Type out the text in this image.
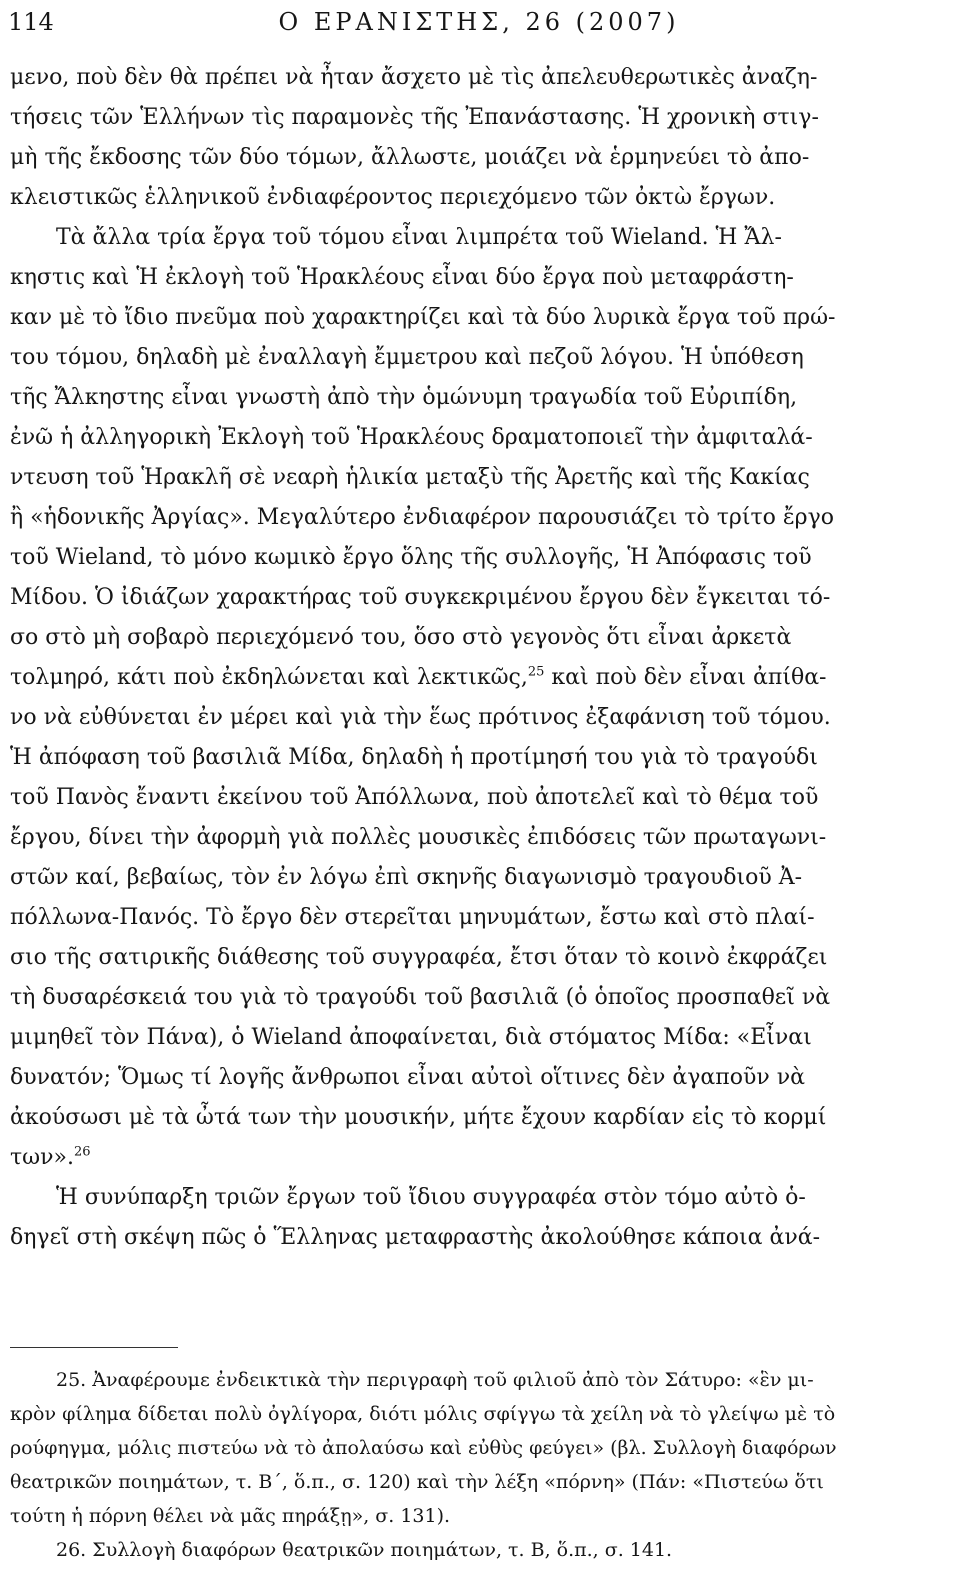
114	Ο ΕΡΑΝΙΣΤΗΣ, 26 (2007)

μενο, ποὺ δὲν θὰ πρέπει νὰ ἦταν ἄσχετο μὲ τὶς ἀπελευθερωτικὲς ἀναζη-
τήσεις τῶν Ἑλλήνων τὶς παραμονὲς τῆς Ἐπανάστασης. Ἡ χρονικὴ στιγ-
μὴ τῆς ἔκδοσης τῶν δύο τόμων, ἄλλωστε, μοιάζει νὰ ἑρμηνεύει τὸ ἀπο-
κλειστικῶς ἑλληνικοῦ ἐνδιαφέροντος περιεχόμενο τῶν ὀκτὼ ἔργων.

Τὰ ἄλλα τρία ἔργα τοῦ τόμου εἶναι λιμπρέτα τοῦ Wieland. Ἡ Ἄλ-
κηστις καὶ Ἡ ἐκλογὴ τοῦ Ἡρακλέους εἶναι δύο ἔργα ποὺ μεταφράστη-
καν μὲ τὸ ἴδιο πνεῦμα ποὺ χαρακτηρίζει καὶ τὰ δύο λυρικὰ ἔργα τοῦ πρώ-
του τόμου, δηλαδὴ μὲ ἐναλλαγὴ ἔμμετρου καὶ πεζοῦ λόγου. Ἡ ὑπόθεση
τῆς Ἄλκηστης εἶναι γνωστὴ ἀπὸ τὴν ὁμώνυμη τραγωδία τοῦ Εὐριπίδη,
ἐνῶ ἡ ἀλληγορικὴ Ἐκλογὴ τοῦ Ἡρακλέους δραματοποιεῖ τὴν ἀμφιταλά-
ντευση τοῦ Ἡρακλῆ σὲ νεαρὴ ἡλικία μεταξὺ τῆς Ἀρετῆς καὶ τῆς Κακίας
ἢ «ἡδονικῆς Ἀργίας». Μεγαλύτερο ἐνδιαφέρον παρουσιάζει τὸ τρίτο ἔργο
τοῦ Wieland, τὸ μόνο κωμικὸ ἔργο ὅλης τῆς συλλογῆς, Ἡ Ἀπόφασις τοῦ
Μίδου. Ὁ ἰδιάζων χαρακτήρας τοῦ συγκεκριμένου ἔργου δὲν ἔγκειται τό-
σο στὸ μὴ σοβαρὸ περιεχόμενό του, ὅσο στὸ γεγονὸς ὅτι εἶναι ἀρκετὰ
τολμηρό, κάτι ποὺ ἐκδηλώνεται καὶ λεκτικῶς,$^{25}$ καὶ ποὺ δὲν εἶναι ἀπίθα-
νο νὰ εὐθύνεται ἐν μέρει καὶ γιὰ τὴν ἕως πρότινος ἐξαφάνιση τοῦ τόμου.
Ἡ ἀπόφαση τοῦ βασιλιᾶ Μίδα, δηλαδὴ ἡ προτίμησή του γιὰ τὸ τραγούδι
τοῦ Πανὸς ἔναντι ἐκείνου τοῦ Ἀπόλλωνα, ποὺ ἀποτελεῖ καὶ τὸ θέμα τοῦ
ἔργου, δίνει τὴν ἀφορμὴ γιὰ πολλὲς μουσικὲς ἐπιδόσεις τῶν πρωταγωνι-
στῶν καί, βεβαίως, τὸν ἐν λόγω ἐπὶ σκηνῆς διαγωνισμὸ τραγουδιοῦ Ἀ-
πόλλωνα-Πανός. Τὸ ἔργο δὲν στερεῖται μηνυμάτων, ἔστω καὶ στὸ πλαί-
σιο τῆς σατιρικῆς διάθεσης τοῦ συγγραφέα, ἔτσι ὅταν τὸ κοινὸ ἐκφράζει
τὴ δυσαρέσκειά του γιὰ τὸ τραγούδι τοῦ βασιλιᾶ (ὁ ὁποῖος προσπαθεῖ νὰ
μιμηθεῖ τὸν Πάνα), ὁ Wieland ἀποφαίνεται, διὰ στόματος Μίδα: «Εἶναι
δυνατόν; Ὅμως τί λογῆς ἄνθρωποι εἶναι αὐτοὶ οἵτινες δὲν ἀγαποῦν νὰ
ἀκούσωσι μὲ τὰ ὦτά των τὴν μουσικήν, μήτε ἔχουν καρδίαν εἰς τὸ κορμί
των».$^{26}$

Ἡ συνύπαρξη τριῶν ἔργων τοῦ ἴδιου συγγραφέα στὸν τόμο αὐτὸ ὁ-
δηγεῖ στὴ σκέψη πῶς ὁ Ἕλληνας μεταφραστὴς ἀκολούθησε κάποια ἀνά-

25. Ἀναφέρουμε ἐνδεικτικὰ τὴν περιγραφὴ τοῦ φιλιοῦ ἀπὸ τὸν Σάτυρο: «ἓν μι-
κρὸν φίλημα δίδεται πολὺ ὀγλίγορα, διότι μόλις σφίγγω τὰ χείλη νὰ τὸ γλείψω μὲ τὸ
ρούφηγμα, μόλις πιστεύω νὰ τὸ ἀπολαύσω καὶ εὐθὺς φεύγει» (βλ. Συλλογὴ διαφόρων
θεατρικῶν ποιημάτων, τ. Β΄, ὅ.π., σ. 120) καὶ τὴν λέξη «πόρνη» (Πάν: «Πιστεύω ὅτι
τούτη ἡ πόρνη θέλει νὰ μᾶς πηράξῃ», σ. 131).
26. Συλλογὴ διαφόρων θεατρικῶν ποιημάτων, τ. Β, ὅ.π., σ. 141.
